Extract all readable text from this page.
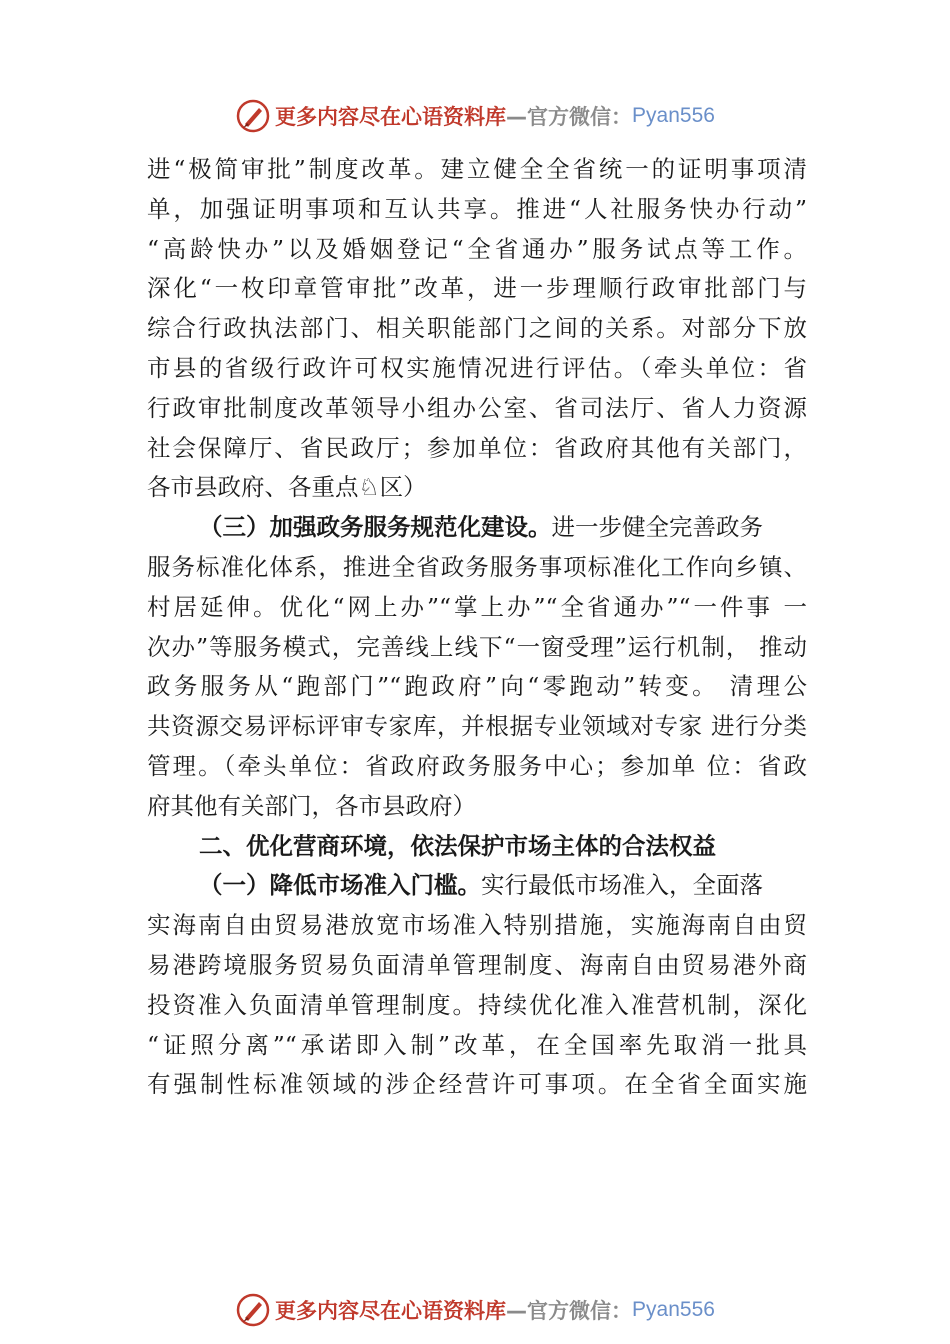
更多内容尽在心语资料库 —官方微信： Pyan556
进“极简审批”制度改革。建立健全全省统一的证明事项清
单，加强证明事项和互认共享。推进“人社服务快办行动”
“高龄快办”以及婚姻登记“全省通办”服务试点等工作。
深化“一枚印章管审批”改革，进一步理顺行政审批部门与
综合行政执法部门、相关职能部门之间的关系。对部分下放
市县的省级行政许可权实施情况进行评估。（牵头单位：省
行政审批制度改革领导小组办公室、省司法厅、省人力资源
社会保障厅、省民政厅；参加单位：省政府其他有关部门，
各市县政府、各重点♘区）
（三）加强政务服务规范化建设。进一步健全完善政务
服务标准化体系，推进全省政务服务事项标准化工作向乡镇、
村居延伸。优化“网上办”“掌上办”“全省通办”“一件事 一
次办”等服务模式，完善线上线下“一窗受理”运行机制， 推动
政务服务从“跑部门”“跑政府”向“零跑动”转变。 清理公
共资源交易评标评审专家库，并根据专业领域对专家 进行分类
管理。（牵头单位：省政府政务服务中心；参加单 位：省政
府其他有关部门，各市县政府）
二、优化营商环境，依法保护市场主体的合法权益
（一）降低市场准入门槛。实行最低市场准入，全面落
实海南自由贸易港放宽市场准入特别措施，实施海南自由贸
易港跨境服务贸易负面清单管理制度、海南自由贸易港外商
投资准入负面清单管理制度。持续优化准入准营机制，深化
“证照分离”“承诺即入制”改革，在全国率先取消一批具
有强制性标准领域的涉企经营许可事项。在全省全面实施
更多内容尽在心语资料库 —官方微信： Pyan556
